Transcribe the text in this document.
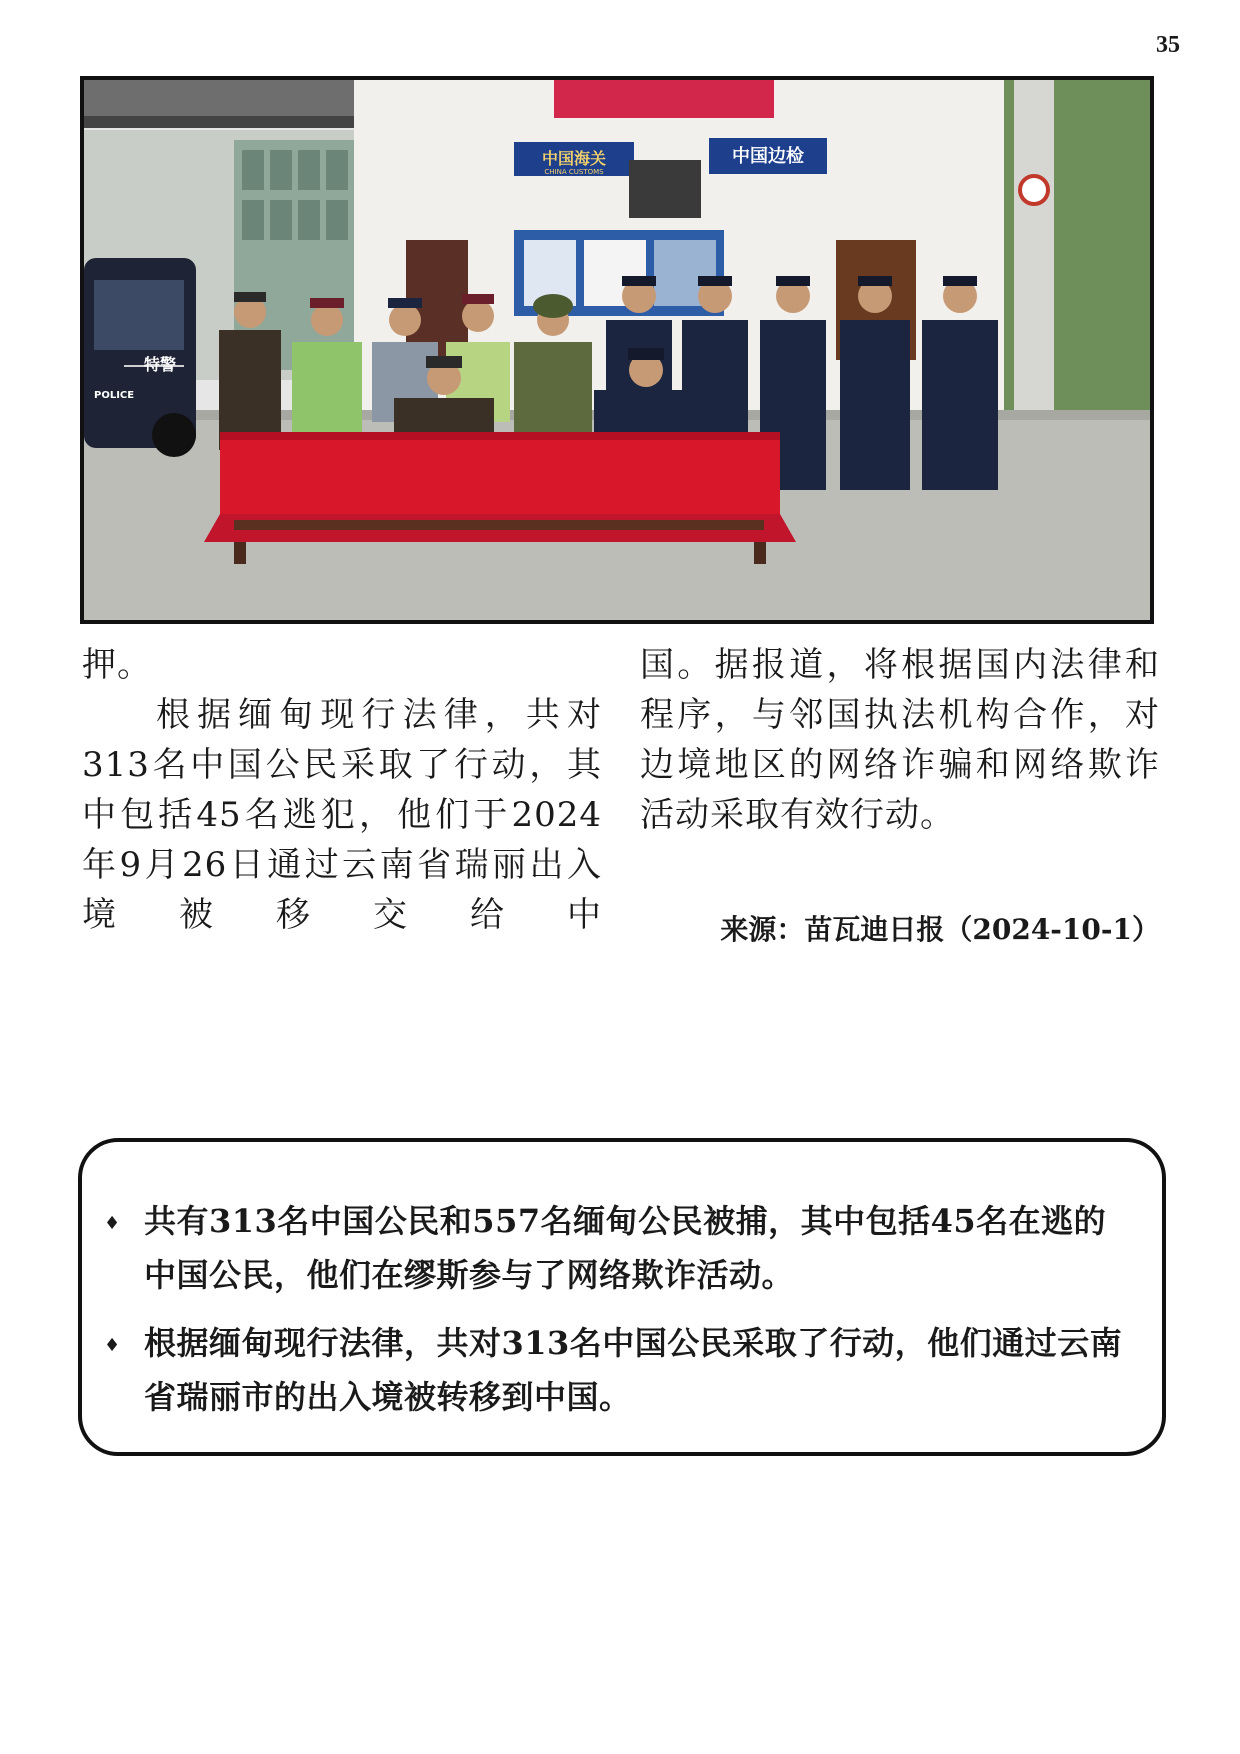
35
中国海关
CHINA CUSTOMS
中国边检
特警
POLICE

押。

根据缅甸现行法律，共对313名中国公民采取了行动，其中包括45名逃犯，他们于2024年9月26日通过云南省瑞丽出入境被移交给中

国。据报道，将根据国内法律和程序，与邻国执法机构合作，对边境地区的网络诈骗和网络欺诈活动采取有效行动。

来源：苗瓦迪日报（2024-10-1）
♦ 共有313名中国公民和557名缅甸公民被捕，其中包括45名在逃的中国公民，他们在缪斯参与了网络欺诈活动。
♦ 根据缅甸现行法律，共对313名中国公民采取了行动，他们通过云南省瑞丽市的出入境被转移到中国。
